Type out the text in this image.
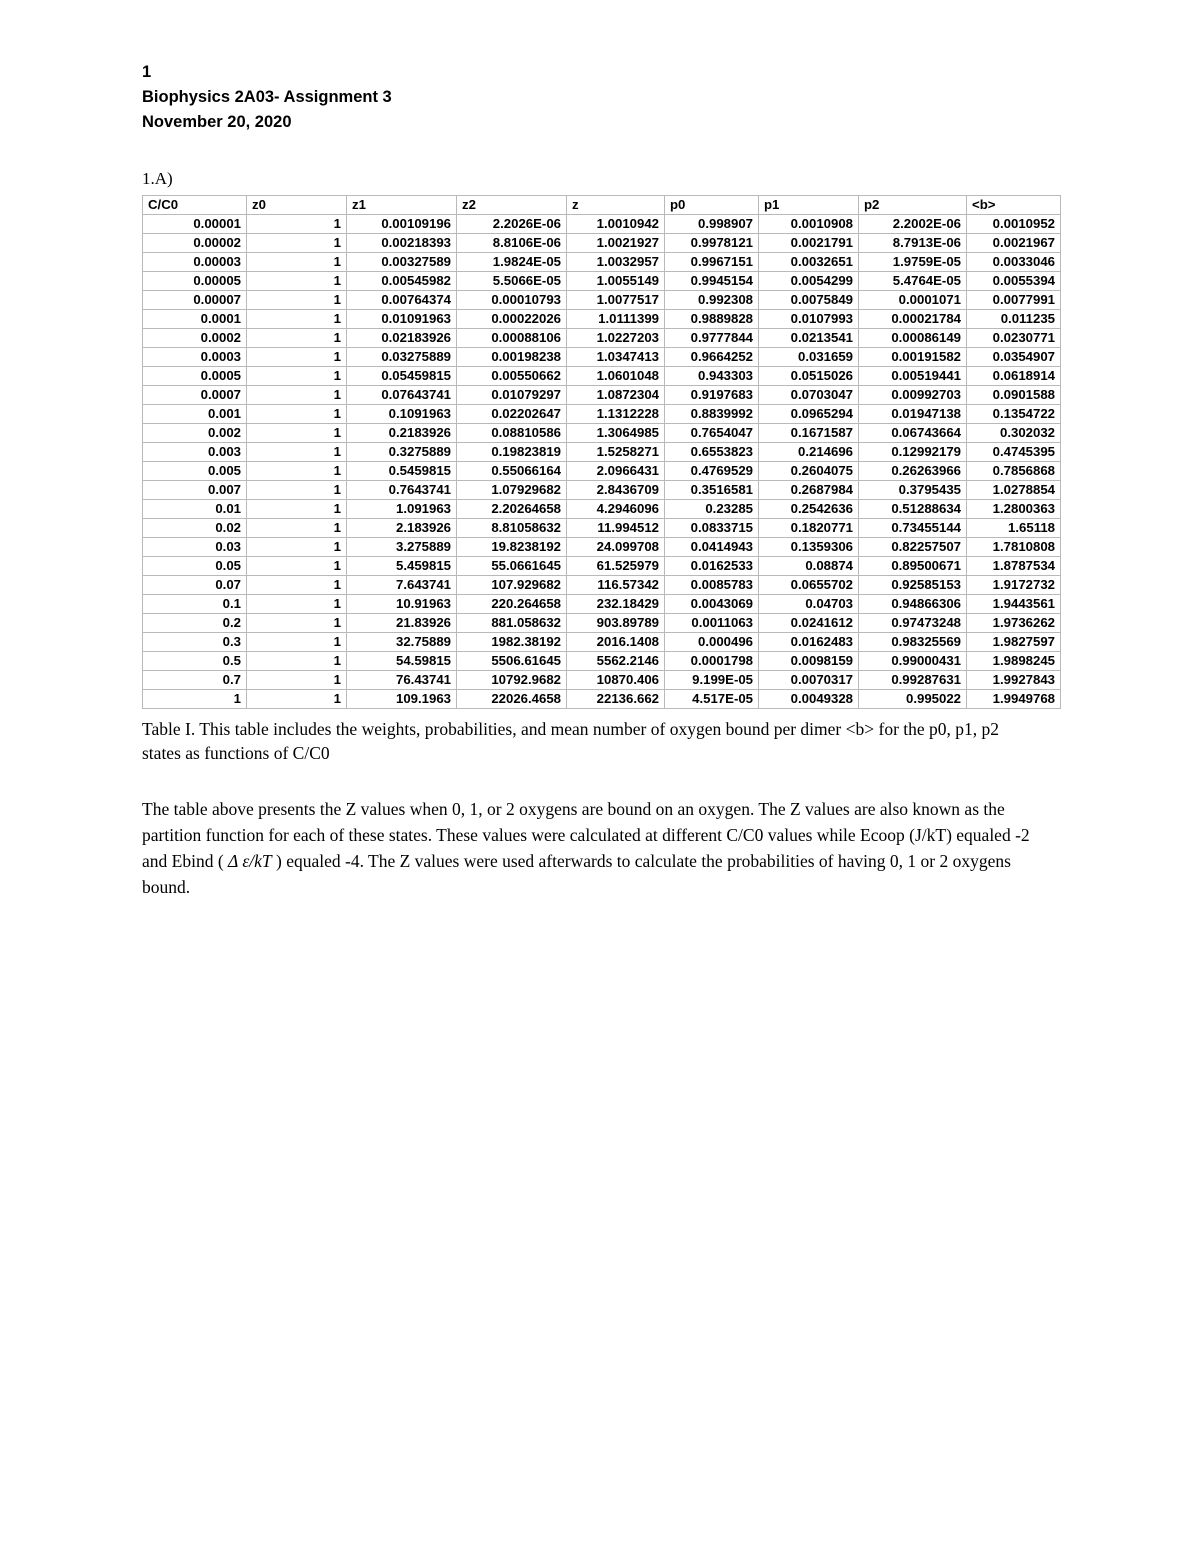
1
Biophysics 2A03- Assignment 3
November 20, 2020
1.A)
C/C0	z0	z1	z2	z	p0	p1	p2	<b>
0.00001	1	0.00109196	2.2026E-06	1.0010942	0.998907	0.0010908	2.2002E-06	0.0010952
0.00002	1	0.00218393	8.8106E-06	1.0021927	0.9978121	0.0021791	8.7913E-06	0.0021967
0.00003	1	0.00327589	1.9824E-05	1.0032957	0.9967151	0.0032651	1.9759E-05	0.0033046
0.00005	1	0.00545982	5.5066E-05	1.0055149	0.9945154	0.0054299	5.4764E-05	0.0055394
0.00007	1	0.00764374	0.00010793	1.0077517	0.992308	0.0075849	0.0001071	0.0077991
0.0001	1	0.01091963	0.00022026	1.0111399	0.9889828	0.0107993	0.00021784	0.011235
0.0002	1	0.02183926	0.00088106	1.0227203	0.9777844	0.0213541	0.00086149	0.0230771
0.0003	1	0.03275889	0.00198238	1.0347413	0.9664252	0.031659	0.00191582	0.0354907
0.0005	1	0.05459815	0.00550662	1.0601048	0.943303	0.0515026	0.00519441	0.0618914
0.0007	1	0.07643741	0.01079297	1.0872304	0.9197683	0.0703047	0.00992703	0.0901588
0.001	1	0.1091963	0.02202647	1.1312228	0.8839992	0.0965294	0.01947138	0.1354722
0.002	1	0.2183926	0.08810586	1.3064985	0.7654047	0.1671587	0.06743664	0.302032
0.003	1	0.3275889	0.19823819	1.5258271	0.6553823	0.214696	0.12992179	0.4745395
0.005	1	0.5459815	0.55066164	2.0966431	0.4769529	0.2604075	0.26263966	0.7856868
0.007	1	0.7643741	1.07929682	2.8436709	0.3516581	0.2687984	0.3795435	1.0278854
0.01	1	1.091963	2.20264658	4.2946096	0.23285	0.2542636	0.51288634	1.2800363
0.02	1	2.183926	8.81058632	11.994512	0.0833715	0.1820771	0.73455144	1.65118
0.03	1	3.275889	19.8238192	24.099708	0.0414943	0.1359306	0.82257507	1.7810808
0.05	1	5.459815	55.0661645	61.525979	0.0162533	0.08874	0.89500671	1.8787534
0.07	1	7.643741	107.929682	116.57342	0.0085783	0.0655702	0.92585153	1.9172732
0.1	1	10.91963	220.264658	232.18429	0.0043069	0.04703	0.94866306	1.9443561
0.2	1	21.83926	881.058632	903.89789	0.0011063	0.0241612	0.97473248	1.9736262
0.3	1	32.75889	1982.38192	2016.1408	0.000496	0.0162483	0.98325569	1.9827597
0.5	1	54.59815	5506.61645	5562.2146	0.0001798	0.0098159	0.99000431	1.9898245
0.7	1	76.43741	10792.9682	10870.406	9.199E-05	0.0070317	0.99287631	1.9927843
1	1	109.1963	22026.4658	22136.662	4.517E-05	0.0049328	0.995022	1.9949768
Table I. This table includes the weights, probabilities, and mean number of oxygen bound per dimer <b> for the p0, p1, p2 states as functions of C/C0
The table above presents the Z values when 0, 1, or 2 oxygens are bound on an oxygen. The Z values are also known as the partition function for each of these states. These values were calculated at different C/C0 values while Ecoop (J/kT) equaled -2 and Ebind ( Δ ε/kT ) equaled -4. The Z values were used afterwards to calculate the probabilities of having 0, 1 or 2 oxygens bound.
